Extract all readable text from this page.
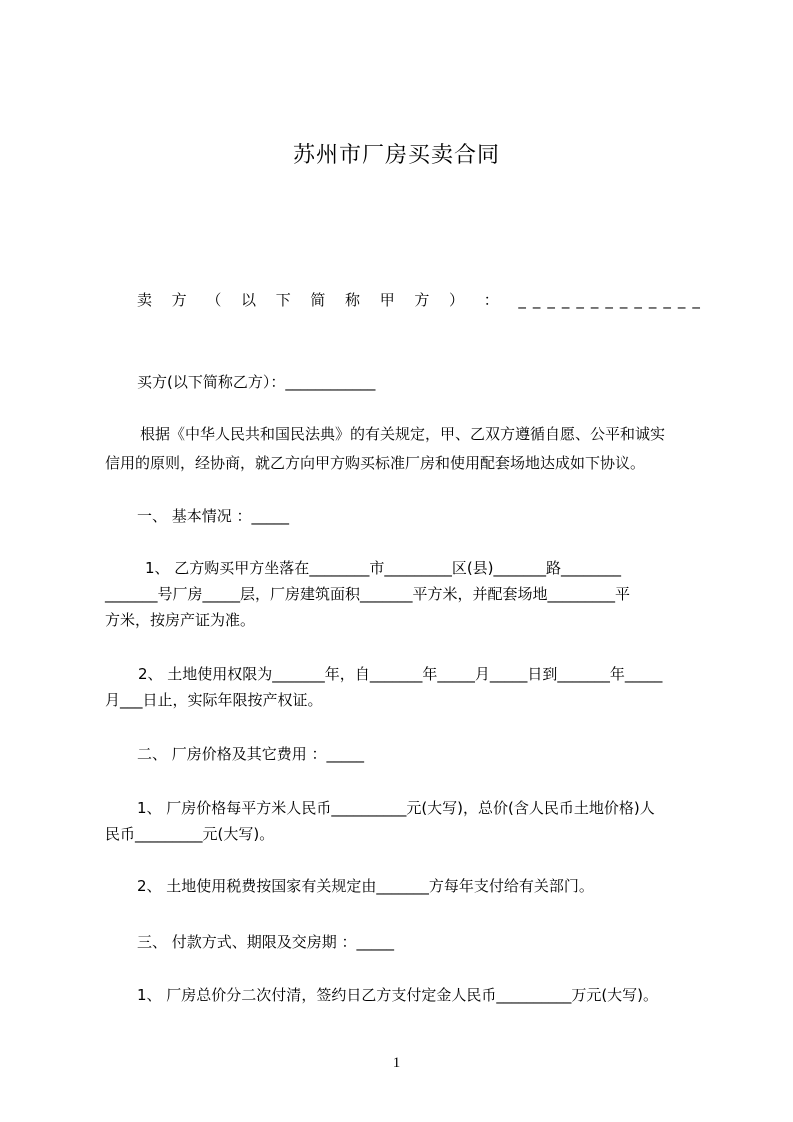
苏州市厂房买卖合同
卖 方 （ 以 下 简 称 甲 方 ） ： _____________
买方(以下简称乙方）：____________
根据《中华人民共和国民法典》的有关规定，甲、乙双方遵循自愿、公平和诚实
信用的原则，经协商，就乙方向甲方购买标准厂房和使用配套场地达成如下协议。
一、 基本情况 ：_____
1、 乙方购买甲方坐落在________市_________区(县)_______路________
_______号厂房_____层，厂房建筑面积_______平方米，并配套场地_________平
方米，按房产证为准。
2、 土地使用权限为_______年，自_______年_____月_____日到_______年_____
月___日止，实际年限按产权证。
二、 厂房价格及其它费用 ：_____
1、 厂房价格每平方米人民币__________元(大写)，总价(含人民币土地价格)人
民币_________元(大写)。
2、 土地使用税费按国家有关规定由_______方每年支付给有关部门。
三、 付款方式、期限及交房期 ：_____
1、 厂房总价分二次付清，签约日乙方支付定金人民币__________万元(大写)。
1
